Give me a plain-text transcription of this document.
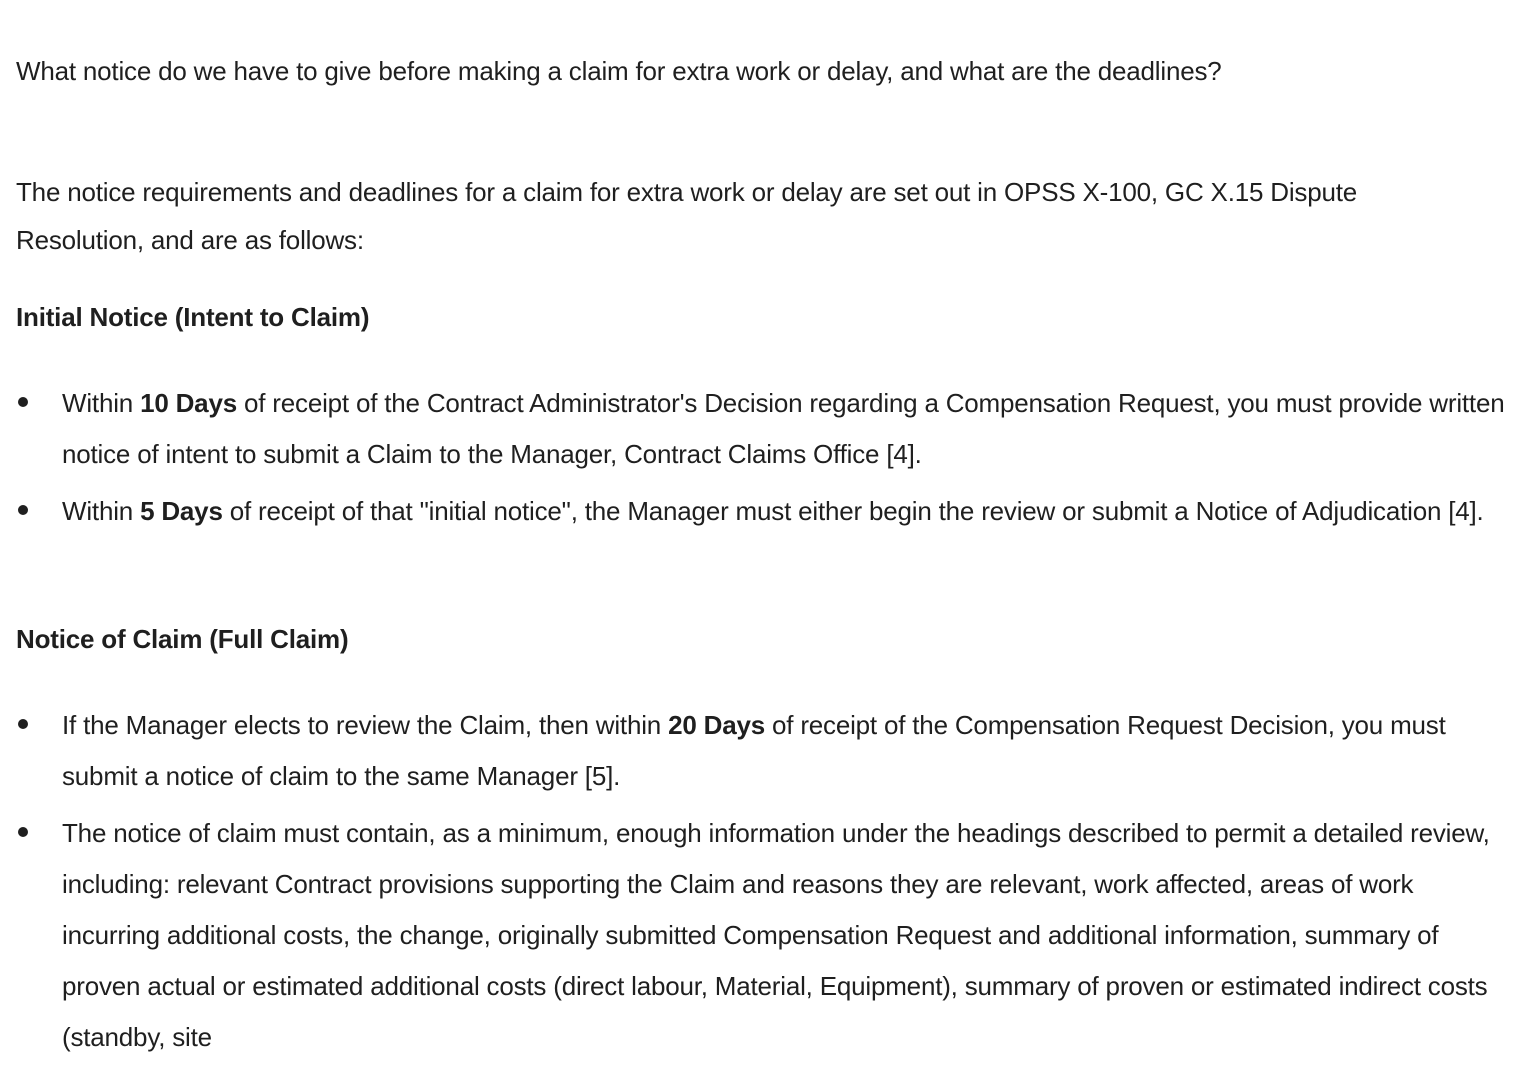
What notice do we have to give before making a claim for extra work or delay, and what are the deadlines?
The notice requirements and deadlines for a claim for extra work or delay are set out in OPSS X-100, GC X.15 Dispute Resolution, and are as follows:
Initial Notice (Intent to Claim)
Within 10 Days of receipt of the Contract Administrator's Decision regarding a Compensation Request, you must provide written notice of intent to submit a Claim to the Manager, Contract Claims Office [4].
Within 5 Days of receipt of that "initial notice", the Manager must either begin the review or submit a Notice of Adjudication [4].
Notice of Claim (Full Claim)
If the Manager elects to review the Claim, then within 20 Days of receipt of the Compensation Request Decision, you must submit a notice of claim to the same Manager [5].
The notice of claim must contain, as a minimum, enough information under the headings described to permit a detailed review, including: relevant Contract provisions supporting the Claim and reasons they are relevant, work affected, areas of work incurring additional costs, the change, originally submitted Compensation Request and additional information, summary of proven actual or estimated additional costs (direct labour, Material, Equipment), summary of proven or estimated indirect costs (standby, site
